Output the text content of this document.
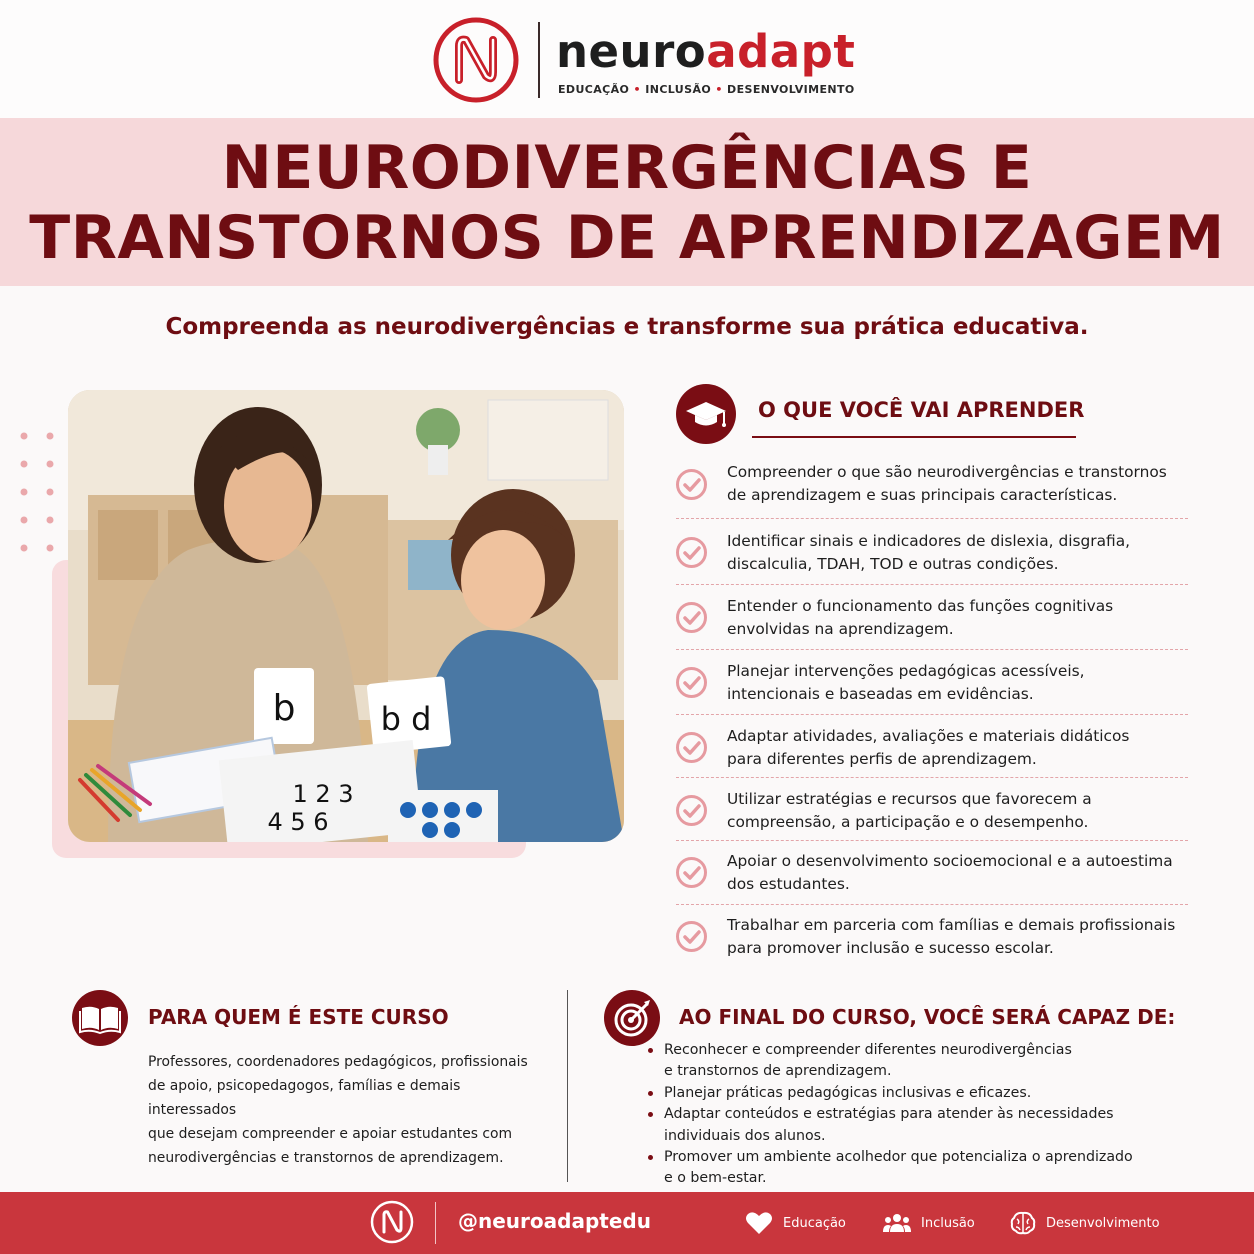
neuroadapt
EDUCAÇÃO • INCLUSÃO • DESENVOLVIMENTO
NEURODIVERGÊNCIAS E
TRANSTORNOS DE APRENDIZAGEM
Compreenda as neurodivergências e transforme sua prática educativa.
b	b d
1 2 3
4 5 6
O QUE VOCÊ VAI APRENDER
Compreender o que são neurodivergências e transtornos
de aprendizagem e suas principais características.
Identificar sinais e indicadores de dislexia, disgrafia,
discalculia, TDAH, TOD e outras condições.
Entender o funcionamento das funções cognitivas
envolvidas na aprendizagem.
Planejar intervenções pedagógicas acessíveis,
intencionais e baseadas em evidências.
Adaptar atividades, avaliações e materiais didáticos
para diferentes perfis de aprendizagem.
Utilizar estratégias e recursos que favorecem a
compreensão, a participação e o desempenho.
Apoiar o desenvolvimento socioemocional e a autoestima
dos estudantes.
Trabalhar em parceria com famílias e demais profissionais
para promover inclusão e sucesso escolar.
PARA QUEM É ESTE CURSO
Professores, coordenadores pedagógicos, profissionais
de apoio, psicopedagogos, famílias e demais interessados
que desejam compreender e apoiar estudantes com
neurodivergências e transtornos de aprendizagem.
AO FINAL DO CURSO, VOCÊ SERÁ CAPAZ DE:
Reconhecer e compreender diferentes neurodivergências
e transtornos de aprendizagem.
Planejar práticas pedagógicas inclusivas e eficazes.
Adaptar conteúdos e estratégias para atender às necessidades
individuais dos alunos.
Promover um ambiente acolhedor que potencializa o aprendizado
e o bem-estar.
@neuroadaptedu	Educação	Inclusão	Desenvolvimento
